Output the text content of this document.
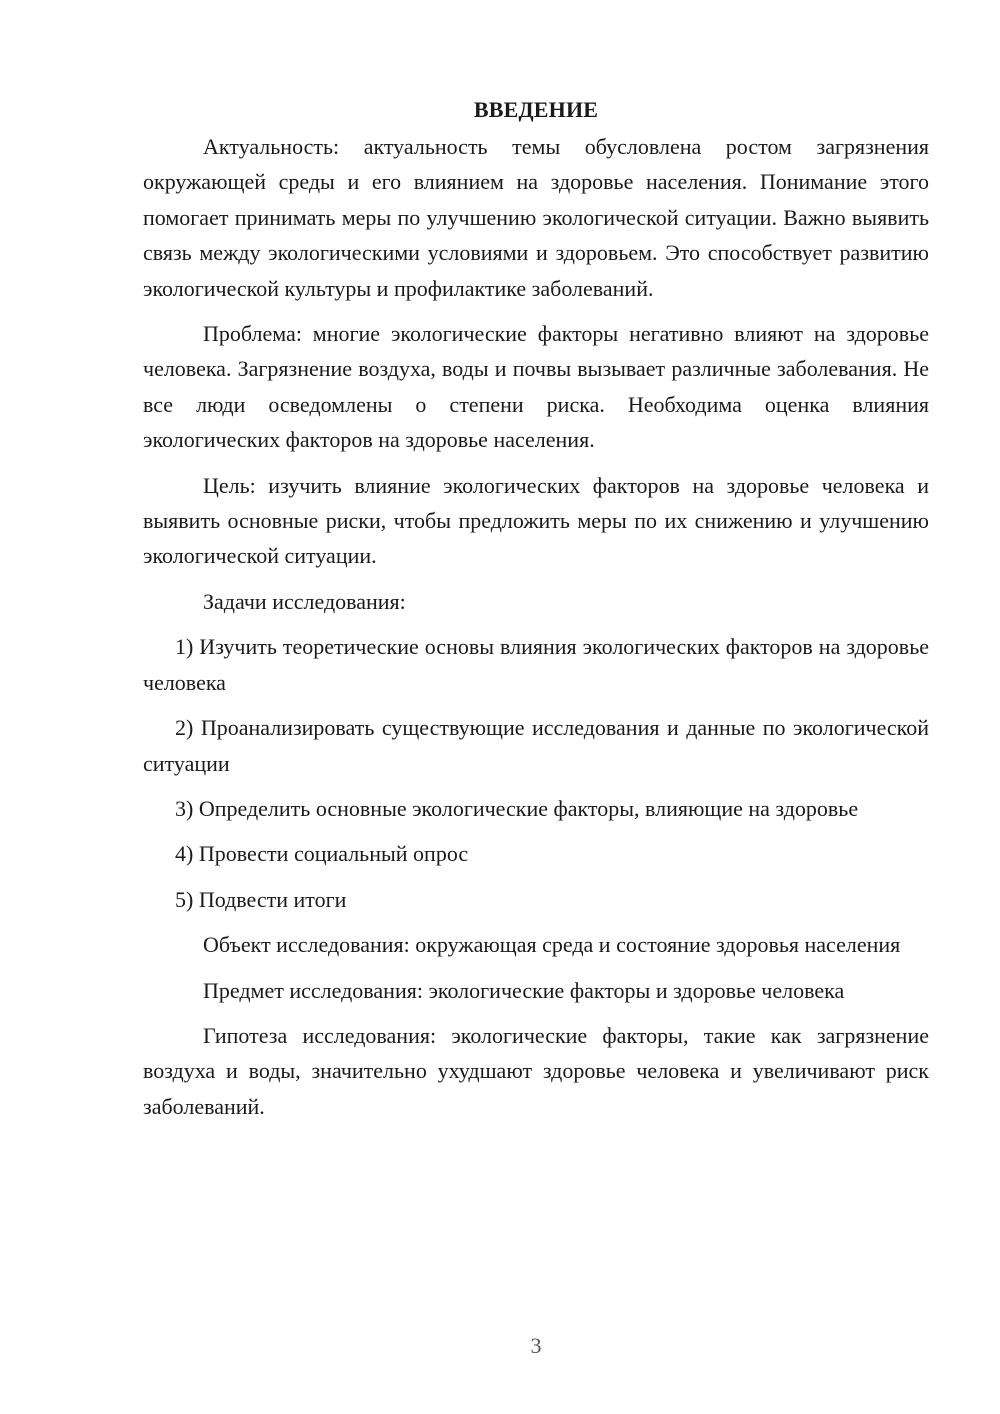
ВВЕДЕНИЕ

Актуальность: актуальность темы обусловлена ростом загрязнения окружающей среды и его влиянием на здоровье населения. Понимание этого помогает принимать меры по улучшению экологической ситуации. Важно выявить связь между экологическими условиями и здоровьем. Это способствует развитию экологической культуры и профилактике заболеваний.

Проблема: многие экологические факторы негативно влияют на здоровье человека. Загрязнение воздуха, воды и почвы вызывает различные заболевания. Не все люди осведомлены о степени риска. Необходима оценка влияния экологических факторов на здоровье населения.

Цель: изучить влияние экологических факторов на здоровье человека и выявить основные риски, чтобы предложить меры по их снижению и улучшению экологической ситуации.

Задачи исследования:

1) Изучить теоретические основы влияния экологических факторов на здоровье человека

2) Проанализировать существующие исследования и данные по экологической ситуации

3) Определить основные экологические факторы, влияющие на здоровье

4) Провести социальный опрос

5) Подвести итоги

Объект исследования: окружающая среда и состояние здоровья населения

Предмет исследования: экологические факторы и здоровье человека

Гипотеза исследования: экологические факторы, такие как загрязнение воздуха и воды, значительно ухудшают здоровье человека и увеличивают риск заболеваний.

3
